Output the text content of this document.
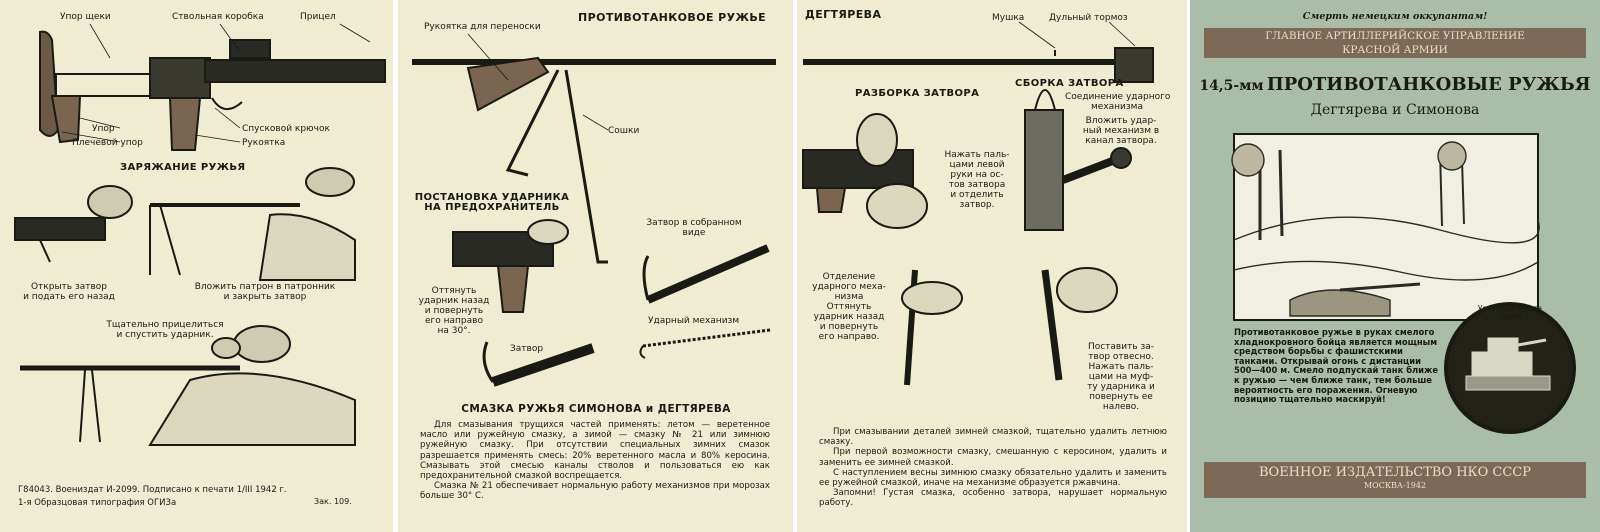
Упор щеки	Ствольная коробка	Прицел
Упор
Плечевой упор
Спусковой крючок
Рукоятка
ЗАРЯЖАНИЕ РУЖЬЯ
Открыть затвор
и подать его назад
Вложить патрон в патронник
и закрыть затвор
Тщательно прицелиться
и спустить ударник.
Г84043. Воениздат И-2099. Подписано к печати 1/III 1942 г.
1-я Образцовая типография ОГИЗа	Зак. 109.
ПРОТИВОТАНКОВОЕ РУЖЬЕ
Рукоятка для переноски
Сошки
ПОСТАНОВКА УДАРНИКА
НА ПРЕДОХРАНИТЕЛЬ
Оттянуть
ударник назад
и повернуть
его направо
на 30°.
Затвор в собранном
виде
Ударный механизм
Затвор
СМАЗКА РУЖЬЯ СИМОНОВА и ДЕГТЯРЕВА

Для смазывания трущихся частей применять: летом — веретенное масло или ружейную смазку, а зимой — смазку № 21 или зимнюю ружейную смазку. При отсутствии специальных зимних смазок разрешается применять смесь: 20% веретенного масла и 80% керосина. Смазывать этой смесью каналы стволов и пользоваться ею как предохранительной смазкой воспрещается.

Смазка № 21 обеспечивает нормальную работу механизмов при морозах больше 30° С.

ДЕГТЯРЕВА	Мушка	Дульный тормоз
РАЗБОРКА ЗАТВОРА
СБОРКА ЗАТВОРА
Соединение ударного
механизма
Вложить удар-
ный механизм в
канал затвора.
Нажать паль-
цами левой
руки на ос-
тов затвора
и отделить
затвор.
Отделение
ударного меха-
низма
Оттянуть
ударник назад
и повернуть
его направо.
Поставить за-
твор отвесно.
Нажать паль-
цами на муф-
ту ударника и
повернуть ее
налево.

При смазывании деталей зимней смазкой, тщательно удалить летнюю смазку.

При первой возможности смазку, смешанную с керосином, удалить и заменить ее зимней смазкой.

С наступлением весны зимнюю смазку обязательно удалить и заменить ее ружейной смазкой, иначе на механизме образуется ржавчина.

Запомни! Густая смазка, особенно затвора, нарушает нормальную работу.

Смерть немецким оккупантам!
ГЛАВНОЕ АРТИЛЛЕРИЙСКОЕ УПРАВЛЕНИЕ
КРАСНОЙ АРМИИ
14,5-мм ПРОТИВОТАНКОВЫЕ РУЖЬЯ
Дегтярева и Симонова
Уязвимые места танка
Противотанковое ружье в руках смелого хладнокровного бойца является мощным средством борьбы с фашистскими танками. Открывай огонь с дистанции 500—400 м. Смело подпускай танк ближе к ружью — чем ближе танк, тем больше вероятность его поражения. Огневую позицию тщательно маскируй!
ВОЕННОЕ ИЗДАТЕЛЬСТВО НКО СССР
МОСКВА-1942
